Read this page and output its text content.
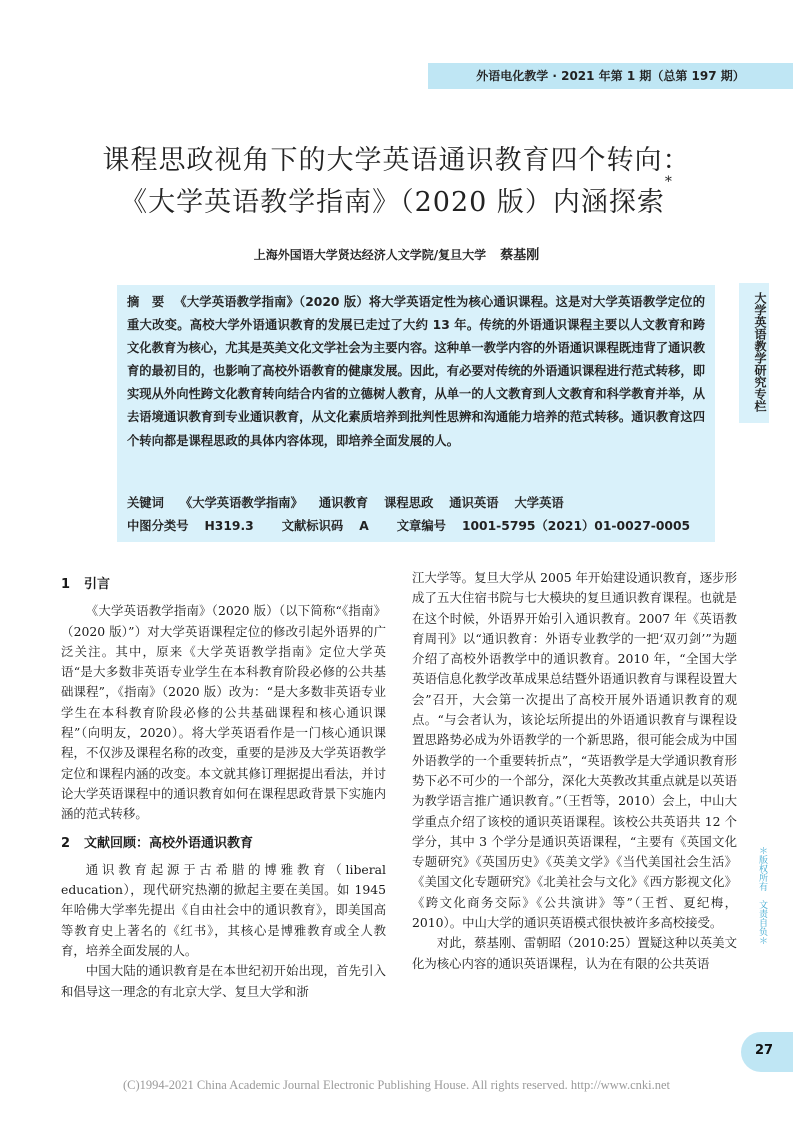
外语电化教学 · 2021 年第 1 期（总第 197 期）
课程思政视角下的大学英语通识教育四个转向：
《大学英语教学指南》（2020 版）内涵探索*
上海外国语大学贤达经济人文学院/复旦大学 蔡基刚
摘　要 《大学英语教学指南》（2020 版）将大学英语定性为核心通识课程。这是对大学英语教学定位的重大改变。高校大学外语通识教育的发展已走过了大约 13 年。传统的外语通识课程主要以人文教育和跨文化教育为核心，尤其是英美文化文学社会为主要内容。这种单一教学内容的外语通识课程既违背了通识教育的最初目的，也影响了高校外语教育的健康发展。因此，有必要对传统的外语通识课程进行范式转移，即实现从外向性跨文化教育转向结合内省的立德树人教育，从单一的人文教育到人文教育和科学教育并举，从去语境通识教育到专业通识教育，从文化素质培养到批判性思辨和沟通能力培养的范式转移。通识教育这四个转向都是课程思政的具体内容体现，即培养全面发展的人。
关键词 《大学英语教学指南》 通识教育 课程思政 通识英语 大学英语
中图分类号 H319.3 文献标识码 A 文章编号 1001-5795（2021）01-0027-0005
大学英语教学研究专栏
＊版权所有　文责自负＊
1 引言

《大学英语教学指南》（2020 版）（以下简称“《指南》（2020 版）”）对大学英语课程定位的修改引起外语界的广泛关注。其中，原来《大学英语教学指南》定位大学英语“是大多数非英语专业学生在本科教育阶段必修的公共基础课程”，《指南》（2020 版）改为：“是大多数非英语专业学生在本科教育阶段必修的公共基础课程和核心通识课程”（向明友，2020）。将大学英语看作是一门核心通识课程，不仅涉及课程名称的改变，重要的是涉及大学英语教学定位和课程内涵的改变。本文就其修订理据提出看法，并讨论大学英语课程中的通识教育如何在课程思政背景下实施内涵的范式转移。

2 文献回顾：高校外语通识教育

通识教育起源于古希腊的博雅教育（liberal education），现代研究热潮的掀起主要在美国。如 1945 年哈佛大学率先提出《自由社会中的通识教育》，即美国高等教育史上著名的《红书》，其核心是博雅教育或全人教育，培养全面发展的人。

中国大陆的通识教育是在本世纪初开始出现，首先引入和倡导这一理念的有北京大学、复旦大学和浙

江大学等。复旦大学从 2005 年开始建设通识教育，逐步形成了五大住宿书院与七大模块的复旦通识教育课程。也就是在这个时候，外语界开始引入通识教育。2007 年《英语教育周刊》以“通识教育：外语专业教学的一把‘双刃剑’”为题介绍了高校外语教学中的通识教育。2010 年，“全国大学英语信息化教学改革成果总结暨外语通识教育与课程设置大会”召开，大会第一次提出了高校开展外语通识教育的观点。“与会者认为，该论坛所提出的外语通识教育与课程设置思路势必成为外语教学的一个新思路，很可能会成为中国外语教学的一个重要转折点”，“英语教学是大学通识教育形势下必不可少的一个部分，深化大英教改其重点就是以英语为教学语言推广通识教育。”（王哲等，2010）会上，中山大学重点介绍了该校的通识英语课程。该校公共英语共 12 个学分，其中 3 个学分是通识英语课程，“主要有《英国文化专题研究》《英国历史》《英美文学》《当代美国社会生活》《美国文化专题研究》《北美社会与文化》《西方影视文化》《跨文化商务交际》《公共演讲》等”（王哲、夏纪梅，2010）。中山大学的通识英语模式很快被许多高校接受。

对此，蔡基刚、雷朝昭（2010:25）置疑这种以英美文化为核心内容的通识英语课程，认为在有限的公共英语

27
(C)1994-2021 China Academic Journal Electronic Publishing House. All rights reserved. http://www.cnki.net
